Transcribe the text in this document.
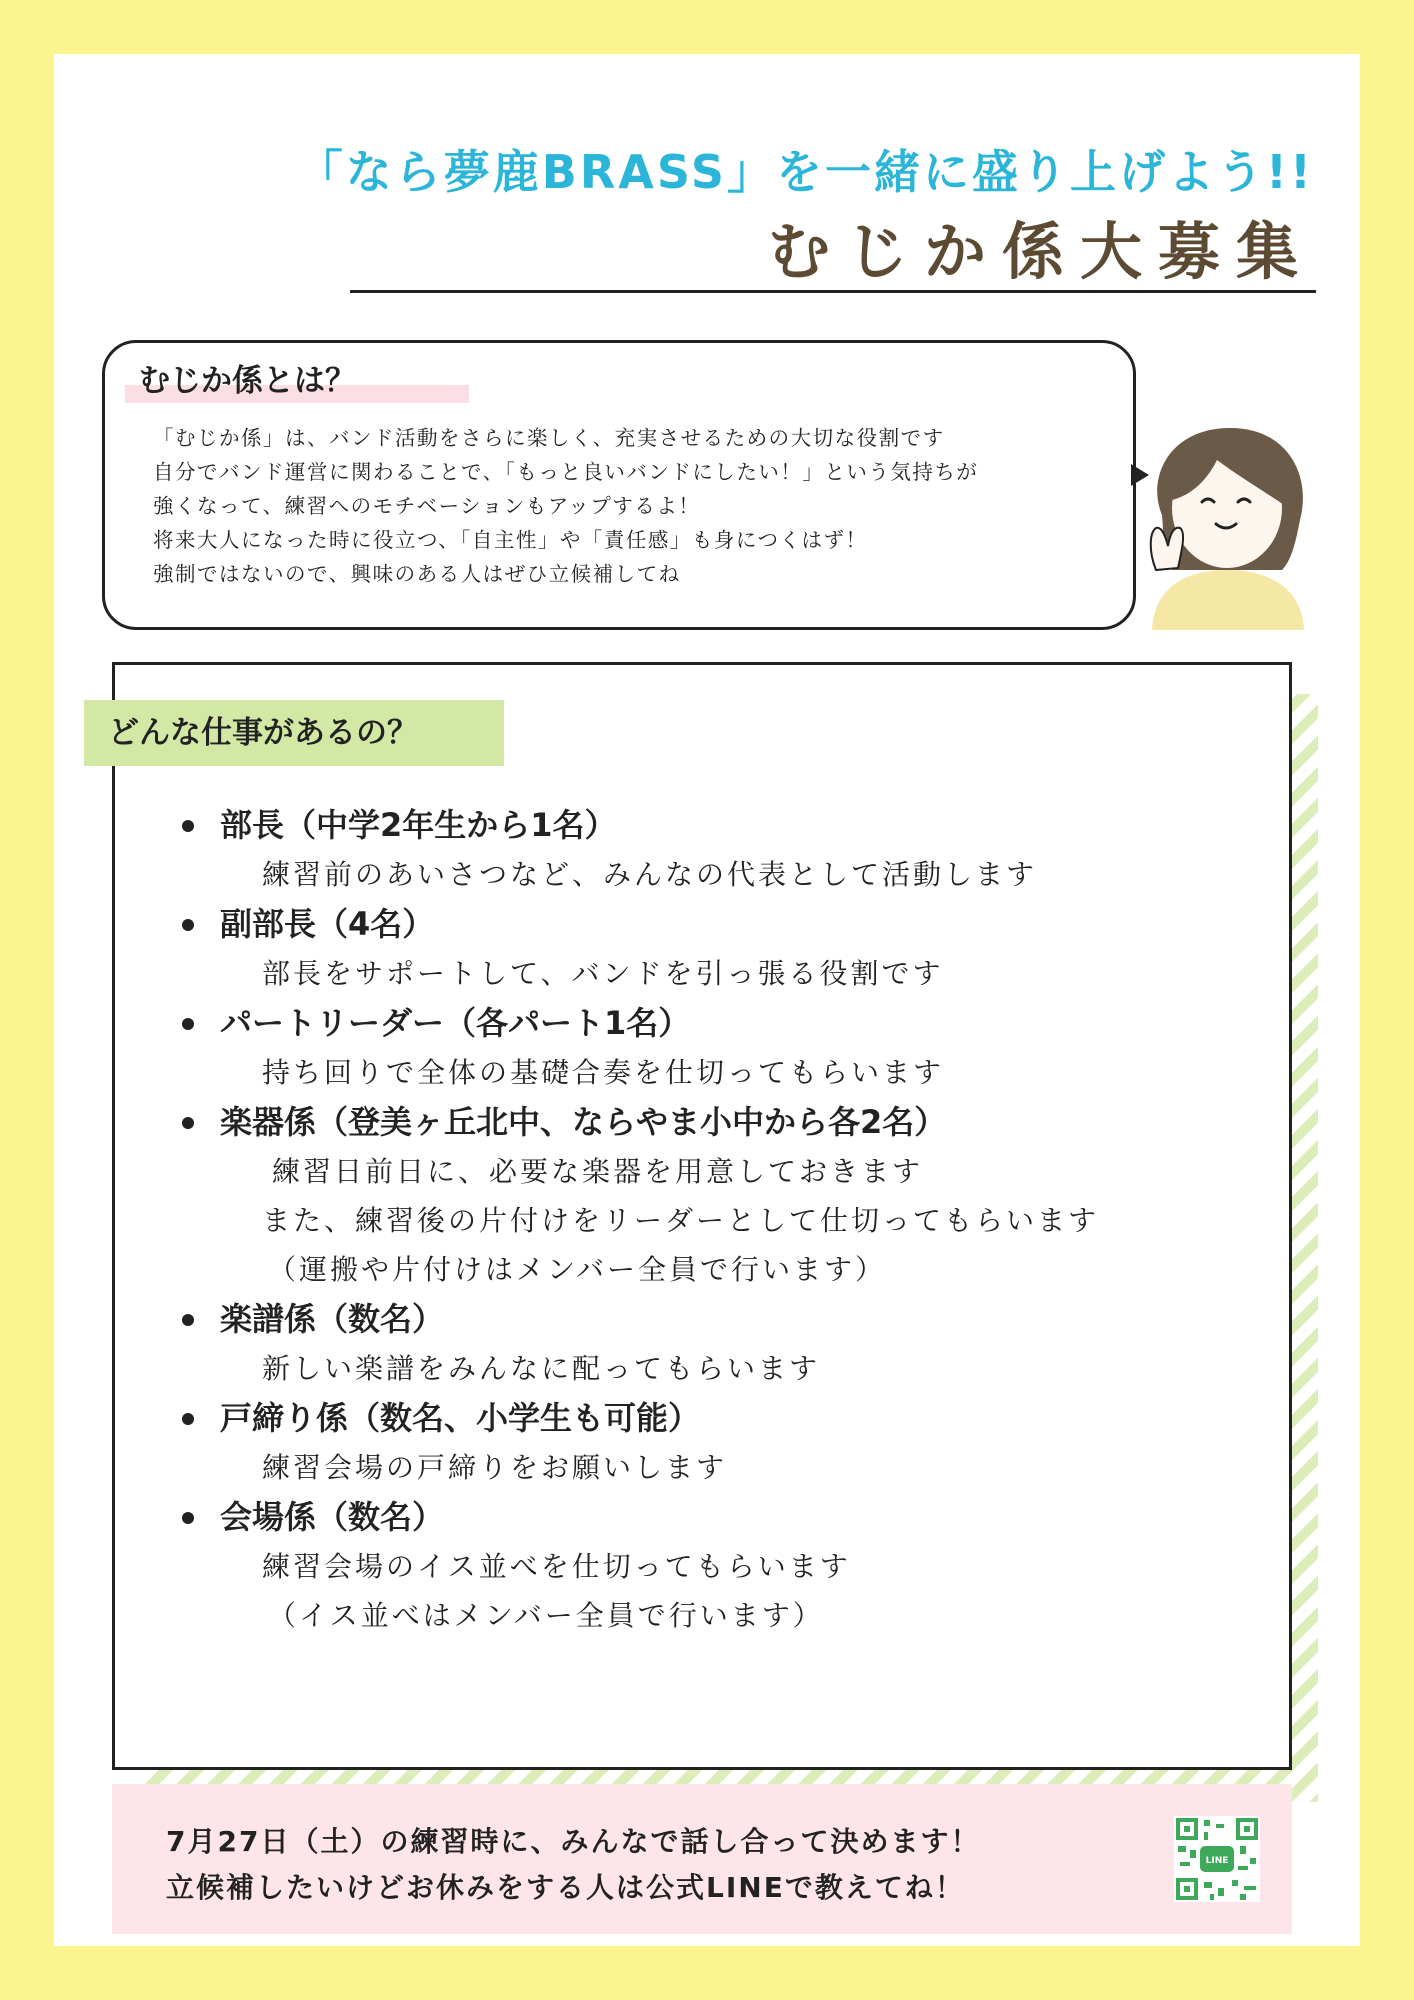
「なら夢鹿BRASS」を一緒に盛り上げよう!!
むじか係大募集
むじか係とは？
「むじか係」は、バンド活動をさらに楽しく、充実させるための大切な役割です
自分でバンド運営に関わることで、「もっと良いバンドにしたい！」という気持ちが
強くなって、練習へのモチベーションもアップするよ！
将来大人になった時に役立つ、「自主性」や「責任感」も身につくはず！
強制ではないので、興味のある人はぜひ立候補してね
どんな仕事があるの？
部長（中学2年生から1名）
練習前のあいさつなど、みんなの代表として活動します
副部長（4名）
部長をサポートして、バンドを引っ張る役割です
パートリーダー（各パート1名）
持ち回りで全体の基礎合奏を仕切ってもらいます
楽器係（登美ヶ丘北中、ならやま小中から各2名）
練習日前日に、必要な楽器を用意しておきます
また、練習後の片付けをリーダーとして仕切ってもらいます
（運搬や片付けはメンバー全員で行います）
楽譜係（数名）
新しい楽譜をみんなに配ってもらいます
戸締り係（数名、小学生も可能）
練習会場の戸締りをお願いします
会場係（数名）
練習会場のイス並べを仕切ってもらいます
（イス並べはメンバー全員で行います）
7月27日（土）の練習時に、みんなで話し合って決めます！
立候補したいけどお休みをする人は公式LINEで教えてね！
LINE
